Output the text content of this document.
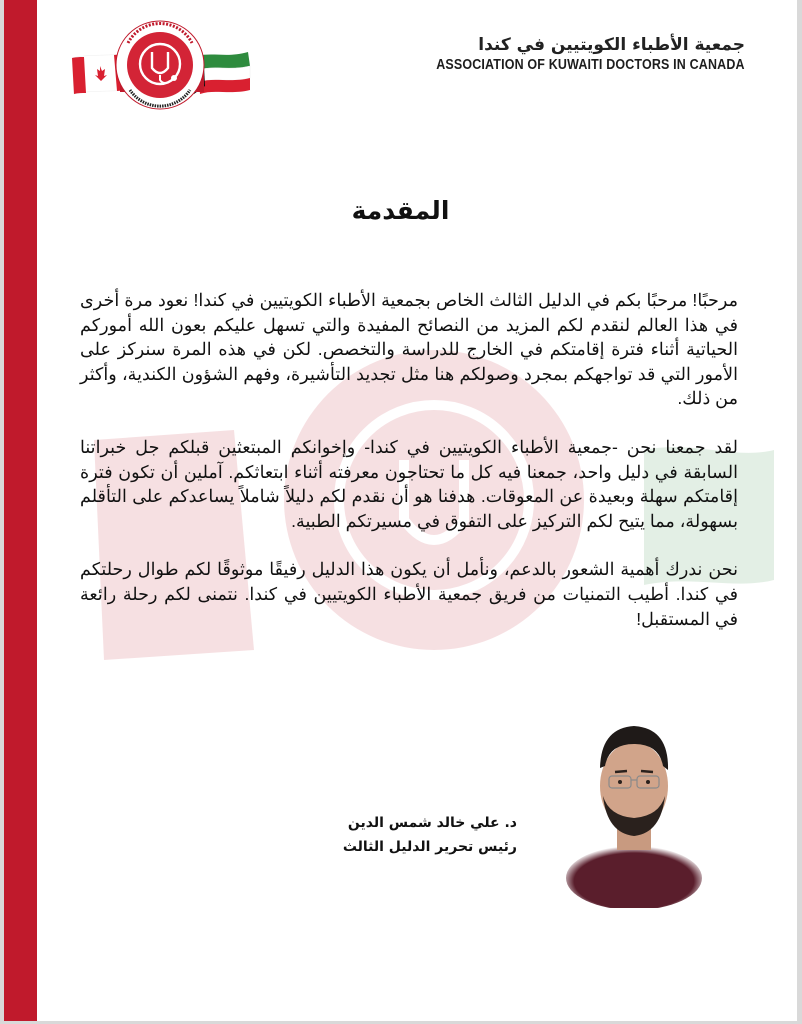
جمعية الأطباء الكويتيين في كندا
ASSOCIATION OF KUWAITI DOCTORS IN CANADA
المقدمة

مرحبًا! مرحبًا بكم في الدليل الثالث الخاص بجمعية الأطباء الكويتيين في كندا! نعود مرة أخرى في هذا العالم لنقدم لكم المزيد من النصائح المفيدة والتي تسهل عليكم بعون الله أموركم الحياتية أثناء فترة إقامتكم في الخارج للدراسة والتخصص. لكن في هذه المرة سنركز على الأمور التي قد تواجهكم بمجرد وصولكم هنا مثل تجديد التأشيرة، وفهم الشؤون الكندية، وأكثر من ذلك.

لقد جمعنا نحن -جمعية الأطباء الكويتيين في كندا- وإخوانكم المبتعثين قبلكم جل خبراتنا السابقة في دليل واحد، جمعنا فيه كل ما تحتاجون معرفته أثناء ابتعاثكم. آملين أن تكون فترة إقامتكم سهلة وبعيدة عن المعوقات. هدفنا هو أن نقدم لكم دليلاً شاملاً يساعدكم على التأقلم بسهولة، مما يتيح لكم التركيز على التفوق في مسيرتكم الطبية.

نحن ندرك أهمية الشعور بالدعم، ونأمل أن يكون هذا الدليل رفيقًا موثوقًا لكم طوال رحلتكم في كندا. أطيب التمنيات من فريق جمعية الأطباء الكويتيين في كندا. نتمنى لكم رحلة رائعة في المستقبل!

د. علي خالد شمس الدين
رئيس تحرير الدليل الثالث
